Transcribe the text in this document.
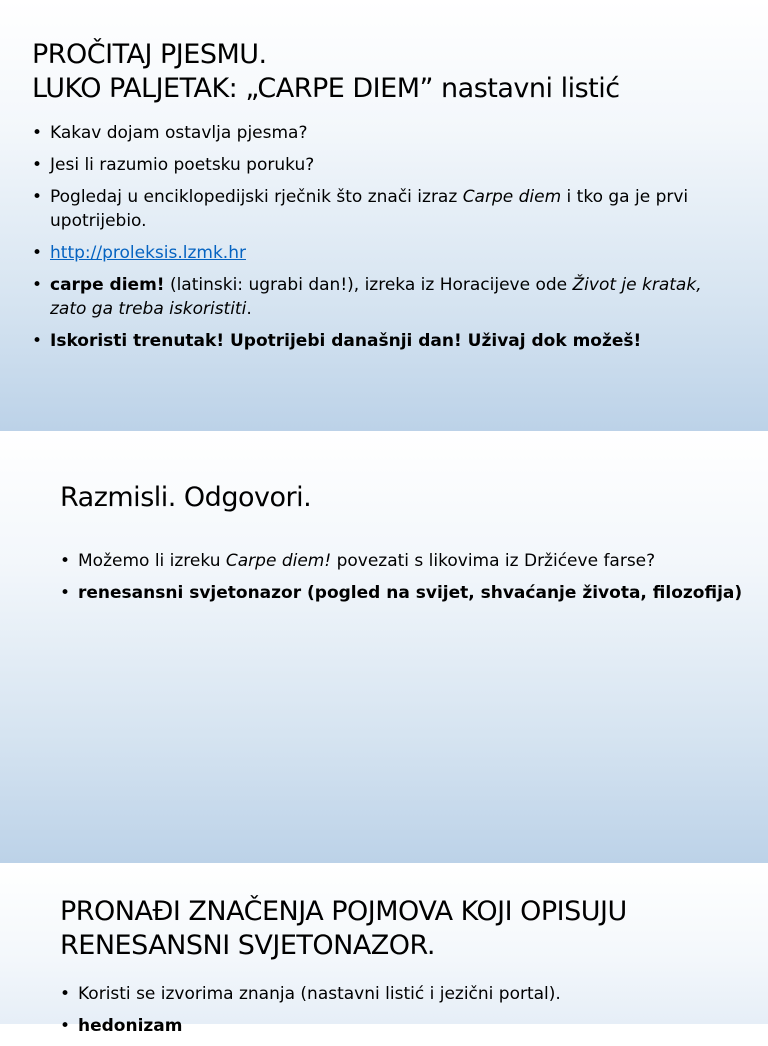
PROČITAJ PJESMU.
LUKO PALJETAK: „CARPE DIEM” nastavni listić
• Kakav dojam ostavlja pjesma?
• Jesi li razumio poetsku poruku?
• Pogledaj u enciklopedijski rječnik što znači izraz Carpe diem i tko ga je prvi upotrijebio.
• http://proleksis.lzmk.hr
• carpe diem! (latinski: ugrabi dan!), izreka iz Horacijeve ode Život je kratak, zato ga treba iskoristiti.
• Iskoristi trenutak! Upotrijebi današnji dan! Uživaj dok možeš!
Razmisli. Odgovori.
• Možemo li izreku Carpe diem! povezati s likovima iz Držićeve farse?
• renesansni svjetonazor (pogled na svijet, shvaćanje života, filozofija)
PRONAĐI ZNAČENJA POJMOVA KOJI OPISUJU
RENESANSNI SVJETONAZOR.
• Koristi se izvorima znanja (nastavni listić i jezični portal).
• hedonizam
